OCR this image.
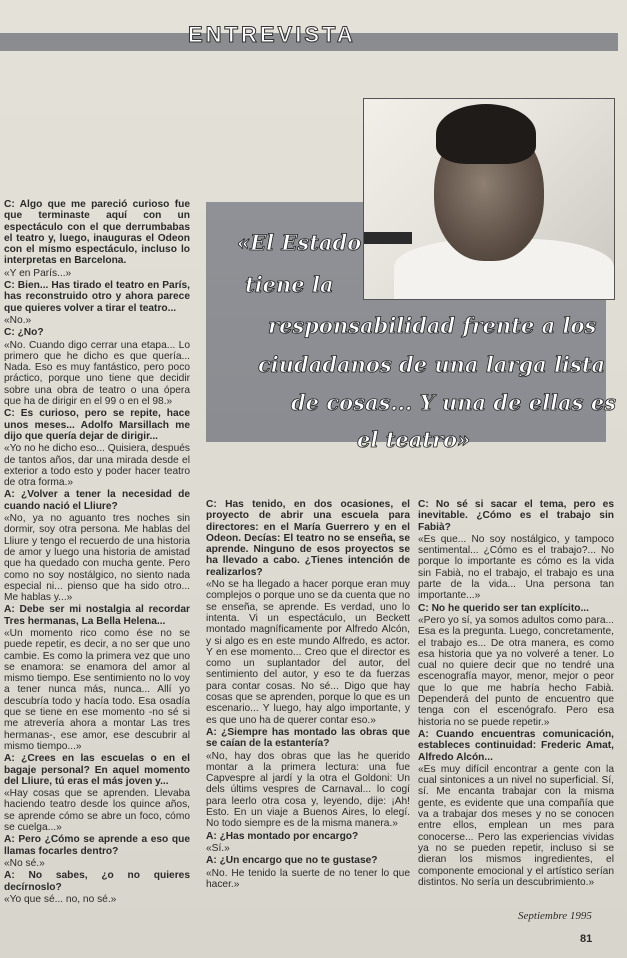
ENTREVISTA

C: Algo que me pareció curioso fue que terminaste aquí con un espectáculo con el que derrumbabas el teatro y, luego, inauguras el Odeon con el mismo espectáculo, incluso lo interpretas en Barcelona.

«Y en París...»

C: Bien... Has tirado el teatro en París, has reconstruido otro y ahora parece que quieres volver a tirar el teatro...

«No.»

C: ¿No?

«No. Cuando digo cerrar una etapa... Lo primero que he dicho es que quería... Nada. Eso es muy fantástico, pero poco práctico, porque uno tiene que decidir sobre una obra de teatro o una ópera que ha de dirigir en el 99 o en el 98.»

C: Es curioso, pero se repite, hace unos meses... Adolfo Marsillach me dijo que quería dejar de dirigir...

«Yo no he dicho eso... Quisiera, después de tantos años, dar una mirada desde el exterior a todo esto y poder hacer teatro de otra forma.»

A: ¿Volver a tener la necesidad de cuando nació el Lliure?

«No, ya no aguanto tres noches sin dormir, soy otra persona. Me hablas del Lliure y tengo el recuerdo de una historia de amor y luego una historia de amistad que ha quedado con mucha gente. Pero como no soy nostálgico, no siento nada especial ni... pienso que ha sido otro... Me hablas y...»

A: Debe ser mi nostalgia al recordar Tres hermanas, La Bella Helena...

«Un momento rico como ése no se puede repetir, es decir, a no ser que uno cambie. Es como la primera vez que uno se enamora: se enamora del amor al mismo tiempo. Ese sentimiento no lo voy a tener nunca más, nunca... Allí yo descubría todo y hacía todo. Esa osadía que se tiene en ese momento -no sé si me atrevería ahora a montar Las tres hermanas-, ese amor, ese descubrir al mismo tiempo...»

A: ¿Crees en las escuelas o en el bagaje personal? En aquel momento del Lliure, tú eras el más joven y...

«Hay cosas que se aprenden. Llevaba haciendo teatro desde los quince años, se aprende cómo se abre un foco, cómo se cuelga...»

A: Pero ¿Cómo se aprende a eso que llamas focarles dentro?

«No sé.»

A: No sabes, ¿o no quieres decírnoslo?

«Yo que sé... no, no sé.»

«El Estado
tiene la
responsabilidad frente a los
ciudadanos de una larga lista
de cosas... Y una de ellas es
el teatro»

C: Has tenido, en dos ocasiones, el proyecto de abrir una escuela para directores: en el María Guerrero y en el Odeon. Decías: El teatro no se enseña, se aprende. Ninguno de esos proyectos se ha llevado a cabo. ¿Tienes intención de realizarlos?

«No se ha llegado a hacer porque eran muy complejos o porque uno se da cuenta que no se enseña, se aprende. Es verdad, uno lo intenta. Vi un espectáculo, un Beckett montado magníficamente por Alfredo Alcón, y si algo es en este mundo Alfredo, es actor. Y en ese momento... Creo que el director es como un suplantador del autor, del sentimiento del autor, y eso te da fuerzas para contar cosas. No sé... Digo que hay cosas que se aprenden, porque lo que es un escenario... Y luego, hay algo importante, y es que uno ha de querer contar eso.»

A: ¿Siempre has montado las obras que se caían de la estantería?

«No, hay dos obras que las he querido montar a la primera lectura: una fue Capvespre al jardí y la otra el Goldoni: Un dels últims vespres de Carnaval... lo cogí para leerlo otra cosa y, leyendo, dije: ¡Ah! Esto. En un viaje a Buenos Aires, lo elegí. No todo siempre es de la misma manera.»

A: ¿Has montado por encargo?

«Sí.»

A: ¿Un encargo que no te gustase?

«No. He tenido la suerte de no tener lo que hacer.»

C: No sé si sacar el tema, pero es inevitable. ¿Cómo es el trabajo sin Fabià?

«Es que... No soy nostálgico, y tampoco sentimental... ¿Cómo es el trabajo?... No porque lo importante es cómo es la vida sin Fabià, no el trabajo, el trabajo es una parte de la vida... Una persona tan importante...»

C: No he querido ser tan explícito...

«Pero yo sí, ya somos adultos como para... Esa es la pregunta. Luego, concretamente, el trabajo es... De otra manera, es como esa historia que ya no volveré a tener. Lo cual no quiere decir que no tendré una escenografía mayor, menor, mejor o peor que lo que me habría hecho Fabià. Dependerá del punto de encuentro que tenga con el escenógrafo. Pero esa historia no se puede repetir.»

A: Cuando encuentras comunicación, estableces continuidad: Frederic Amat, Alfredo Alcón...

«Es muy difícil encontrar a gente con la cual sintonices a un nivel no superficial. Sí, sí. Me encanta trabajar con la misma gente, es evidente que una compañía que va a trabajar dos meses y no se conocen entre ellos, emplean un mes para conocerse... Pero las experiencias vividas ya no se pueden repetir, incluso si se dieran los mismos ingredientes, el componente emocional y el artístico serían distintos. No sería un descubrimiento.»

Septiembre 1995
81
